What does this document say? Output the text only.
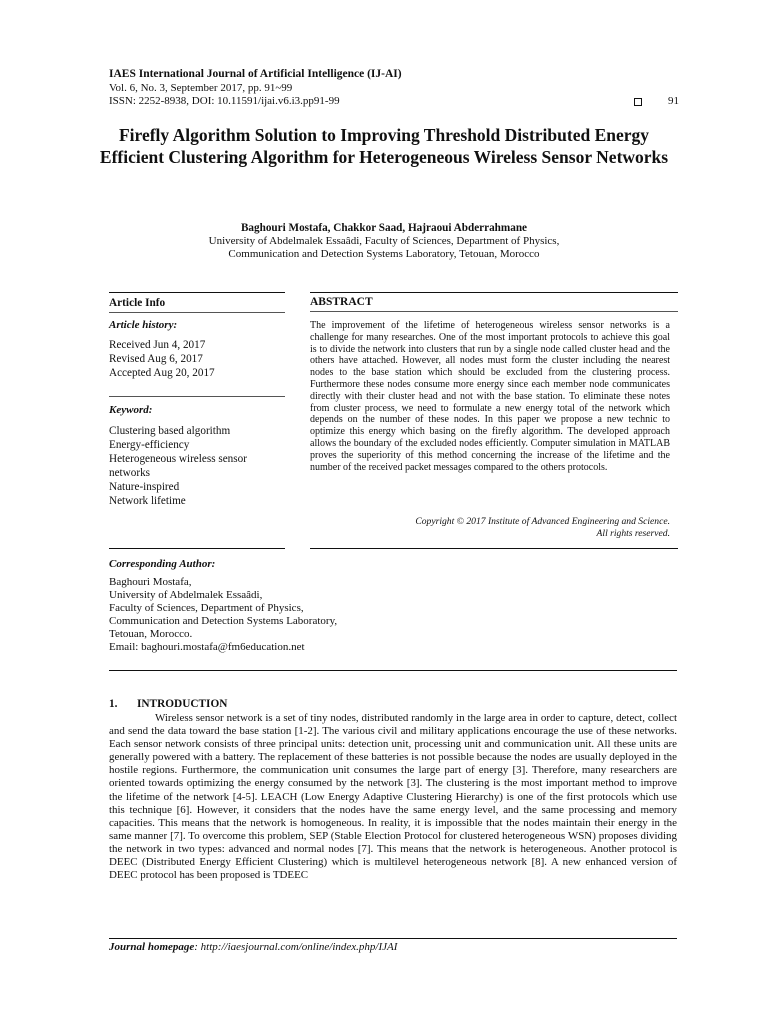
IAES International Journal of Artificial Intelligence (IJ-AI)
Vol. 6, No. 3, September 2017, pp. 91~99
ISSN: 2252-8938, DOI: 10.11591/ijai.v6.i3.pp91-99	91
Firefly Algorithm Solution to Improving Threshold Distributed Energy Efficient Clustering Algorithm for Heterogeneous Wireless Sensor Networks
Baghouri Mostafa, Chakkor Saad, Hajraoui Abderrahmane
University of Abdelmalek Essaâdi, Faculty of Sciences, Department of Physics,
Communication and Detection Systems Laboratory, Tetouan, Morocco
Article Info
Article history:
Received Jun 4, 2017
Revised Aug 6, 2017
Accepted Aug 20, 2017
Keyword:
Clustering based algorithm
Energy-efficiency
Heterogeneous wireless sensor networks
Nature-inspired
Network lifetime
ABSTRACT
The improvement of the lifetime of heterogeneous wireless sensor networks is a challenge for many researches. One of the most important protocols to achieve this goal is to divide the network into clusters that run by a single node called cluster head and the others have attached. However, all nodes must form the cluster including the nearest nodes to the base station which should be excluded from the clustering process. Furthermore these nodes consume more energy since each member node communicates directly with their cluster head and not with the base station. To eliminate these notes from cluster process, we need to formulate a new energy total of the network which depends on the number of these nodes. In this paper we propose a new technic to optimize this energy which basing on the firefly algorithm. The developed approach allows the boundary of the excluded nodes efficiently. Computer simulation in MATLAB proves the superiority of this method concerning the increase of the lifetime and the number of the received packet messages compared to the others protocols.
Copyright © 2017 Institute of Advanced Engineering and Science.
All rights reserved.
Corresponding Author:
Baghouri Mostafa,
University of Abdelmalek Essaâdi,
Faculty of Sciences, Department of Physics,
Communication and Detection Systems Laboratory,
Tetouan, Morocco.
Email: baghouri.mostafa@fm6education.net
1. INTRODUCTION
Wireless sensor network is a set of tiny nodes, distributed randomly in the large area in order to capture, detect, collect and send the data toward the base station [1-2]. The various civil and military applications encourage the use of these networks. Each sensor network consists of three principal units: detection unit, processing unit and communication unit. All these units are generally powered with a battery. The replacement of these batteries is not possible because the nodes are usually deployed in the hostile regions. Furthermore, the communication unit consumes the large part of energy [3]. Therefore, many researchers are oriented towards optimizing the energy consumed by the network [3]. The clustering is the most important method to improve the lifetime of the network [4-5]. LEACH (Low Energy Adaptive Clustering Hierarchy) is one of the first protocols which use this technique [6]. However, it considers that the nodes have the same energy level, and the same processing and memory capacities. This means that the network is homogeneous. In reality, it is impossible that the nodes maintain their energy in the same manner [7]. To overcome this problem, SEP (Stable Election Protocol for clustered heterogeneous WSN) proposes dividing the network in two types: advanced and normal nodes [7]. This means that the network is heterogeneous. Another protocol is DEEC (Distributed Energy Efficient Clustering) which is multilevel heterogeneous network [8]. A new enhanced version of DEEC protocol has been proposed is TDEEC
Journal homepage: http://iaesjournal.com/online/index.php/IJAI
